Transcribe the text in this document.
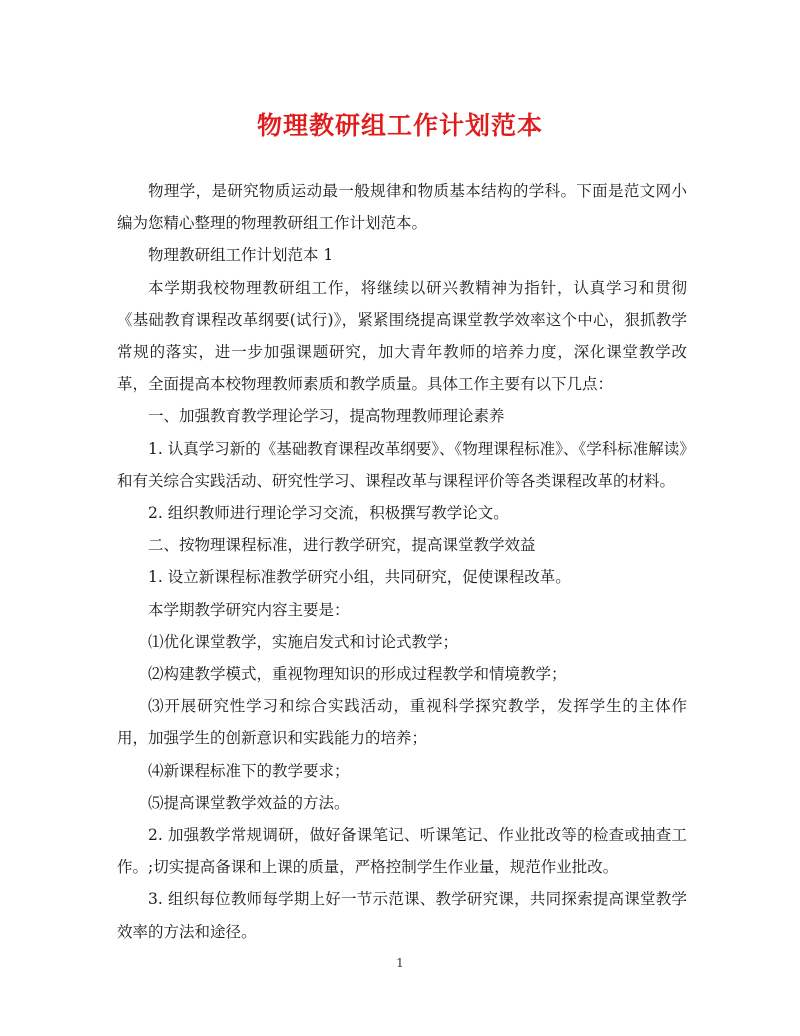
物理教研组工作计划范本

物理学，是研究物质运动最一般规律和物质基本结构的学科。下面是范文网小编为您精心整理的物理教研组工作计划范本。

物理教研组工作计划范本 1

本学期我校物理教研组工作，将继续以研兴教精神为指针，认真学习和贯彻《基础教育课程改革纲要(试行)》，紧紧围绕提高课堂教学效率这个中心，狠抓教学常规的落实，进一步加强课题研究，加大青年教师的培养力度，深化课堂教学改革，全面提高本校物理教师素质和教学质量。具体工作主要有以下几点：

一、加强教育教学理论学习，提高物理教师理论素养

1. 认真学习新的《基础教育课程改革纲要》、《物理课程标准》、《学科标准解读》和有关综合实践活动、研究性学习、课程改革与课程评价等各类课程改革的材料。

2. 组织教师进行理论学习交流，积极撰写教学论文。

二、按物理课程标准，进行教学研究，提高课堂教学效益

1. 设立新课程标准教学研究小组，共同研究，促使课程改革。

本学期教学研究内容主要是：

⑴优化课堂教学，实施启发式和讨论式教学；

⑵构建教学模式，重视物理知识的形成过程教学和情境教学；

⑶开展研究性学习和综合实践活动，重视科学探究教学，发挥学生的主体作用，加强学生的创新意识和实践能力的培养；

⑷新课程标准下的教学要求；

⑸提高课堂教学效益的方法。

2. 加强教学常规调研，做好备课笔记、听课笔记、作业批改等的检查或抽查工作。;切实提高备课和上课的质量，严格控制学生作业量，规范作业批改。

3. 组织每位教师每学期上好一节示范课、教学研究课，共同探索提高课堂教学效率的方法和途径。

1
